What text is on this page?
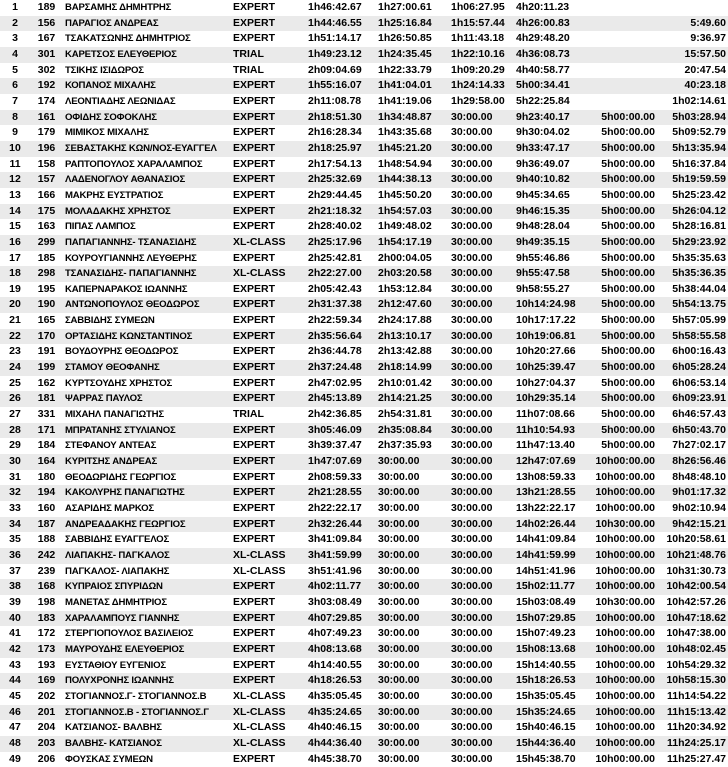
1	189	ΒΑΡΣΑΜΗΣ ΔΗΜΗΤΡΗΣ	EXPERT	1h46:42.67	1h27:00.61	1h06:27.95	4h20:11.23		
2	156	ΠΑΡΑΓΙΟΣ ΑΝΔΡΕΑΣ	EXPERT	1h44:46.55	1h25:16.84	1h15:57.44	4h26:00.83		5:49.60
3	167	ΤΣΑΚΑΤΣΩΝΗΣ ΔΗΜΗΤΡΙΟΣ	EXPERT	1h51:14.17	1h26:50.85	1h11:43.18	4h29:48.20		9:36.97
4	301	ΚΑΡΕΤΣΟΣ ΕΛΕΥΘΕΡΙΟΣ	TRIAL	1h49:23.12	1h24:35.45	1h22:10.16	4h36:08.73		15:57.50
5	302	ΤΣΙΚΗΣ ΙΣΙΔΩΡΟΣ	TRIAL	2h09:04.69	1h22:33.79	1h09:20.29	4h40:58.77		20:47.54
6	192	ΚΟΠΑΝΟΣ ΜΙΧΑΛΗΣ	EXPERT	1h55:16.07	1h41:04.01	1h24:14.33	5h00:34.41		40:23.18
7	174	ΛΕΟΝΤΙΑΔΗΣ ΛΕΩΝΙΔΑΣ	EXPERT	2h11:08.78	1h41:19.06	1h29:58.00	5h22:25.84		1h02:14.61
8	161	ΟΦΙΔΗΣ ΣΟΦΟΚΛΗΣ	EXPERT	2h18:51.30	1h34:48.87	30:00.00	9h23:40.17	5h00:00.00	5h03:28.94
9	179	ΜΙΜΙΚΟΣ ΜΙΧΑΛΗΣ	EXPERT	2h16:28.34	1h43:35.68	30:00.00	9h30:04.02	5h00:00.00	5h09:52.79
10	196	ΣΕΒΑΣΤΑΚΗΣ ΚΩΝ/ΝΟΣ-ΕΥΑΓΓΕΛ	EXPERT	2h18:25.97	1h45:21.20	30:00.00	9h33:47.17	5h00:00.00	5h13:35.94
11	158	ΡΑΠΤΟΠΟΥΛΟΣ ΧΑΡΑΛΑΜΠΟΣ	EXPERT	2h17:54.13	1h48:54.94	30:00.00	9h36:49.07	5h00:00.00	5h16:37.84
12	157	ΛΑΔΕΝΟΓΛΟΥ ΑΘΑΝΑΣΙΟΣ	EXPERT	2h25:32.69	1h44:38.13	30:00.00	9h40:10.82	5h00:00.00	5h19:59.59
13	166	ΜΑΚΡΗΣ ΕΥΣΤΡΑΤΙΟΣ	EXPERT	2h29:44.45	1h45:50.20	30:00.00	9h45:34.65	5h00:00.00	5h25:23.42
14	175	ΜΟΛΑΔΑΚΗΣ ΧΡΗΣΤΟΣ	EXPERT	2h21:18.32	1h54:57.03	30:00.00	9h46:15.35	5h00:00.00	5h26:04.12
15	163	ΠΙΠΑΣ ΛΑΜΠΟΣ	EXPERT	2h28:40.02	1h49:48.02	30:00.00	9h48:28.04	5h00:00.00	5h28:16.81
16	299	ΠΑΠΑΓΙΑΝΝΗΣ- ΤΣΑΝΑΣΙΔΗΣ	XL-CLASS	2h25:17.96	1h54:17.19	30:00.00	9h49:35.15	5h00:00.00	5h29:23.92
17	185	ΚΟΥΡΟΥΓΙΑΝΝΗΣ ΛΕΥΘΕΡΗΣ	EXPERT	2h25:42.81	2h00:04.05	30:00.00	9h55:46.86	5h00:00.00	5h35:35.63
18	298	ΤΣΑΝΑΣΙΔΗΣ- ΠΑΠΑΓΙΑΝΝΗΣ	XL-CLASS	2h22:27.00	2h03:20.58	30:00.00	9h55:47.58	5h00:00.00	5h35:36.35
19	195	ΚΑΠΕΡΝΑΡΑΚΟΣ ΙΩΑΝΝΗΣ	EXPERT	2h05:42.43	1h53:12.84	30:00.00	9h58:55.27	5h00:00.00	5h38:44.04
20	190	ΑΝΤΩΝΟΠΟΥΛΟΣ ΘΕΟΔΩΡΟΣ	EXPERT	2h31:37.38	2h12:47.60	30:00.00	10h14:24.98	5h00:00.00	5h54:13.75
21	165	ΣΑΒΒΙΔΗΣ ΣΥΜΕΩΝ	EXPERT	2h22:59.34	2h24:17.88	30:00.00	10h17:17.22	5h00:00.00	5h57:05.99
22	170	ΟΡΤΑΣΙΔΗΣ ΚΩΝΣΤΑΝΤΙΝΟΣ	EXPERT	2h35:56.64	2h13:10.17	30:00.00	10h19:06.81	5h00:00.00	5h58:55.58
23	191	ΒΟΥΔΟΥΡΗΣ ΘΕΟΔΩΡΟΣ	EXPERT	2h36:44.78	2h13:42.88	30:00.00	10h20:27.66	5h00:00.00	6h00:16.43
24	199	ΣΤΑΜΟΥ ΘΕΟΦΑΝΗΣ	EXPERT	2h37:24.48	2h18:14.99	30:00.00	10h25:39.47	5h00:00.00	6h05:28.24
25	162	ΚΥΡΤΣΟΥΔΗΣ ΧΡΗΣΤΟΣ	EXPERT	2h47:02.95	2h10:01.42	30:00.00	10h27:04.37	5h00:00.00	6h06:53.14
26	181	ΨΑΡΡΑΣ ΠΑΥΛΟΣ	EXPERT	2h45:13.89	2h14:21.25	30:00.00	10h29:35.14	5h00:00.00	6h09:23.91
27	331	ΜΙΧΑΗΛ ΠΑΝΑΓΙΩΤΗΣ	TRIAL	2h42:36.85	2h54:31.81	30:00.00	11h07:08.66	5h00:00.00	6h46:57.43
28	171	ΜΠΡΑΤΑΝΗΣ ΣΤΥΛΙΑΝΟΣ	EXPERT	3h05:46.09	2h35:08.84	30:00.00	11h10:54.93	5h00:00.00	6h50:43.70
29	184	ΣΤΕΦΑΝΟΥ ΑΝΤΕΑΣ	EXPERT	3h39:37.47	2h37:35.93	30:00.00	11h47:13.40	5h00:00.00	7h27:02.17
30	164	ΚΥΡΙΤΣΗΣ ΑΝΔΡΕΑΣ	EXPERT	1h47:07.69	30:00.00	30:00.00	12h47:07.69	10h00:00.00	8h26:56.46
31	180	ΘΕΟΔΩΡΙΔΗΣ ΓΕΩΡΓΙΟΣ	EXPERT	2h08:59.33	30:00.00	30:00.00	13h08:59.33	10h00:00.00	8h48:48.10
32	194	ΚΑΚΟΛΥΡΗΣ ΠΑΝΑΓΙΩΤΗΣ	EXPERT	2h21:28.55	30:00.00	30:00.00	13h21:28.55	10h00:00.00	9h01:17.32
33	160	ΑΣΑΡΙΔΗΣ ΜΑΡΚΟΣ	EXPERT	2h22:22.17	30:00.00	30:00.00	13h22:22.17	10h00:00.00	9h02:10.94
34	187	ΑΝΔΡΕΑΔΑΚΗΣ ΓΕΩΡΓΙΟΣ	EXPERT	2h32:26.44	30:00.00	30:00.00	14h02:26.44	10h30:00.00	9h42:15.21
35	188	ΣΑΒΒΙΔΗΣ ΕΥΑΓΓΕΛΟΣ	EXPERT	3h41:09.84	30:00.00	30:00.00	14h41:09.84	10h00:00.00	10h20:58.61
36	242	ΛΙΑΠΑΚΗΣ- ΠΑΓΚΑΛΟΣ	XL-CLASS	3h41:59.99	30:00.00	30:00.00	14h41:59.99	10h00:00.00	10h21:48.76
37	239	ΠΑΓΚΑΛΟΣ- ΛΙΑΠΑΚΗΣ	XL-CLASS	3h51:41.96	30:00.00	30:00.00	14h51:41.96	10h00:00.00	10h31:30.73
38	168	ΚΥΠΡΑΙΟΣ ΣΠΥΡΙΔΩΝ	EXPERT	4h02:11.77	30:00.00	30:00.00	15h02:11.77	10h00:00.00	10h42:00.54
39	198	ΜΑΝΕΤΑΣ ΔΗΜΗΤΡΙΟΣ	EXPERT	3h03:08.49	30:00.00	30:00.00	15h03:08.49	10h30:00.00	10h42:57.26
40	183	ΧΑΡΑΛΑΜΠΟΥΣ ΓΙΑΝΝΗΣ	EXPERT	4h07:29.85	30:00.00	30:00.00	15h07:29.85	10h00:00.00	10h47:18.62
41	172	ΣΤΕΡΓΙΟΠΟΥΛΟΣ ΒΑΣΙΛΕΙΟΣ	EXPERT	4h07:49.23	30:00.00	30:00.00	15h07:49.23	10h00:00.00	10h47:38.00
42	173	ΜΑΥΡΟΥΔΗΣ ΕΛΕΥΘΕΡΙΟΣ	EXPERT	4h08:13.68	30:00.00	30:00.00	15h08:13.68	10h00:00.00	10h48:02.45
43	193	ΕΥΣΤΑΘΙΟΥ ΕΥΓΕΝΙΟΣ	EXPERT	4h14:40.55	30:00.00	30:00.00	15h14:40.55	10h00:00.00	10h54:29.32
44	169	ΠΟΛΥΧΡΟΝΗΣ ΙΩΑΝΝΗΣ	EXPERT	4h18:26.53	30:00.00	30:00.00	15h18:26.53	10h00:00.00	10h58:15.30
45	202	ΣΤΟΓΙΑΝΝΟΣ.Γ- ΣΤΟΓΙΑΝΝΟΣ.Β	XL-CLASS	4h35:05.45	30:00.00	30:00.00	15h35:05.45	10h00:00.00	11h14:54.22
46	201	ΣΤΟΓΙΑΝΝΟΣ.Β - ΣΤΟΓΙΑΝΝΟΣ.Γ	XL-CLASS	4h35:24.65	30:00.00	30:00.00	15h35:24.65	10h00:00.00	11h15:13.42
47	204	ΚΑΤΣΙΑΝΟΣ- ΒΑΛΒΗΣ	XL-CLASS	4h40:46.15	30:00.00	30:00.00	15h40:46.15	10h00:00.00	11h20:34.92
48	203	ΒΑΛΒΗΣ- ΚΑΤΣΙΑΝΟΣ	XL-CLASS	4h44:36.40	30:00.00	30:00.00	15h44:36.40	10h00:00.00	11h24:25.17
49	206	ΦΟΥΣΚΑΣ ΣΥΜΕΩΝ	EXPERT	4h45:38.70	30:00.00	30:00.00	15h45:38.70	10h00:00.00	11h25:27.47
